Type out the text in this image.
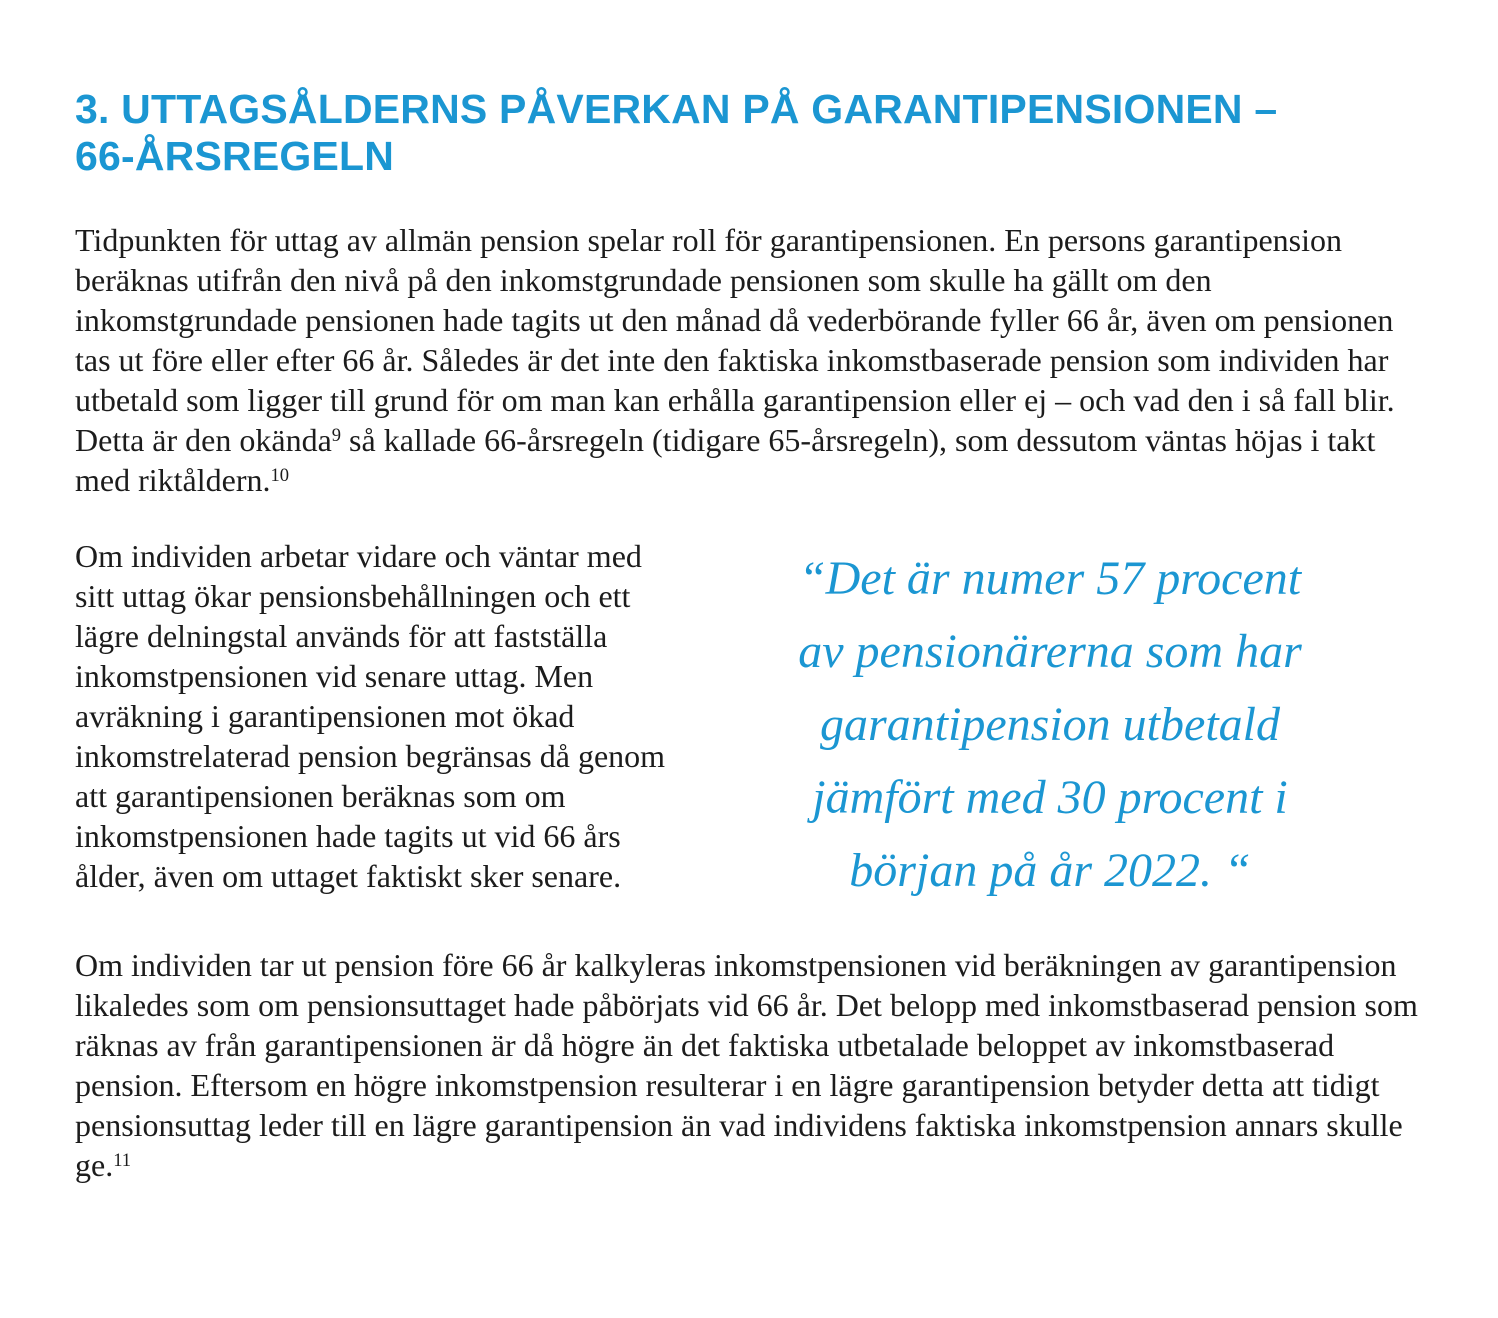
3. UTTAGSÅLDERNS PÅVERKAN PÅ GARANTIPENSIONEN –
66-ÅRSREGELN

Tidpunkten för uttag av allmän pension spelar roll för garantipensionen. En persons garantipension beräknas utifrån den nivå på den inkomstgrundade pensionen som skulle ha gällt om den inkomstgrundade pensionen hade tagits ut den månad då vederbörande fyller 66 år, även om pensionen tas ut före eller efter 66 år. Således är det inte den faktiska inkomstbaserade pension som individen har utbetald som ligger till grund för om man kan erhålla garantipension eller ej – och vad den i så fall blir. Detta är den okända$^9$ så kallade 66-årsregeln (tidigare 65-årsregeln), som dessutom väntas höjas i takt med riktåldern.$^{10}$

Om individen arbetar vidare och väntar med sitt uttag ökar pensionsbehållningen och ett lägre delningstal används för att fastställa inkomstpensionen vid senare uttag. Men avräkning i garantipensionen mot ökad inkomstrelaterad pension begränsas då genom att garantipensionen beräknas som om inkomstpensionen hade tagits ut vid 66 års ålder, även om uttaget faktiskt sker senare.

“Det är numer 57 procent
av pensionärerna som har
garantipension utbetald
jämfört med 30 procent i
början på år 2022. “

Om individen tar ut pension före 66 år kalkyleras inkomstpensionen vid beräkningen av garantipension likaledes som om pensionsuttaget hade påbörjats vid 66 år. Det belopp med inkomstbaserad pension som räknas av från garantipensionen är då högre än det faktiska utbetalade beloppet av inkomstbaserad pension. Eftersom en högre inkomstpension resulterar i en lägre garantipension betyder detta att tidigt pensionsuttag leder till en lägre garantipension än vad individens faktiska inkomstpension annars skulle ge.$^{11}$
